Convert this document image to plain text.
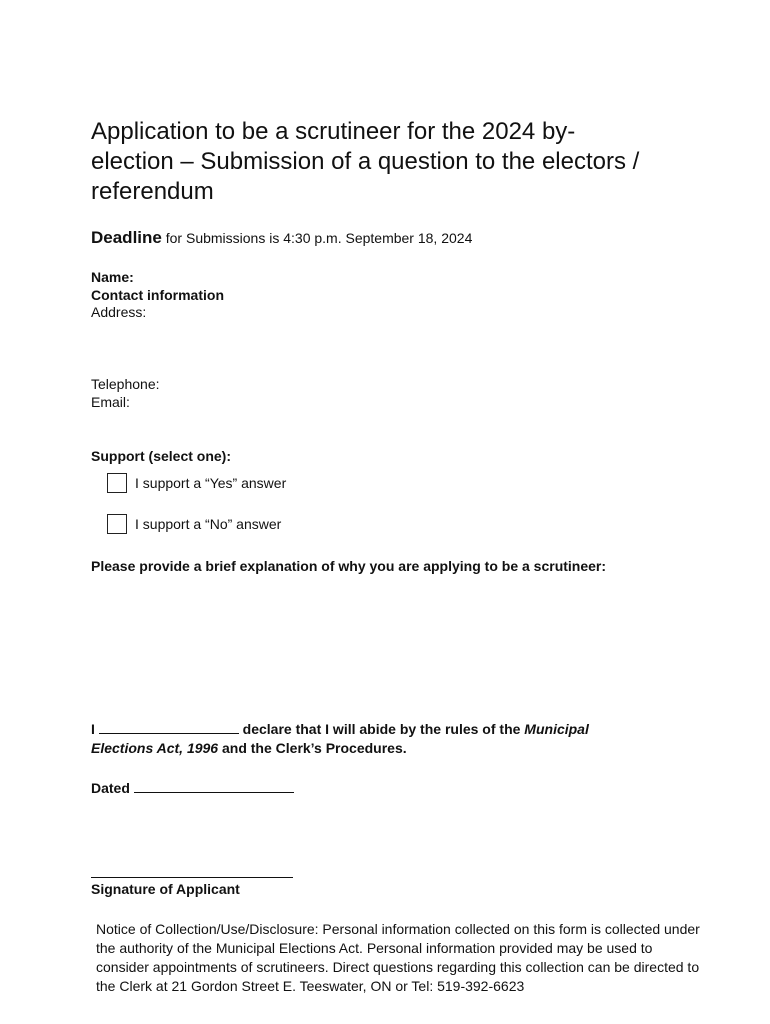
Application to be a scrutineer for the 2024 by-
election – Submission of a question to the electors /
referendum
Deadline for Submissions is 4:30 p.m. September 18, 2024
Name:
Contact information
Address:
Telephone:
Email:
Support (select one):
I support a “Yes” answer
I support a “No” answer
Please provide a brief explanation of why you are applying to be a scrutineer:
I	declare that I will abide by the rules of the Municipal Elections Act, 1996 and the Clerk’s Procedures.
Dated
Signature of Applicant
Notice of Collection/Use/Disclosure: Personal information collected on this form is collected under
the authority of the Municipal Elections Act. Personal information provided may be used to
consider appointments of scrutineers. Direct questions regarding this collection can be directed to
the Clerk at 21 Gordon Street E. Teeswater, ON or Tel: 519-392-6623
